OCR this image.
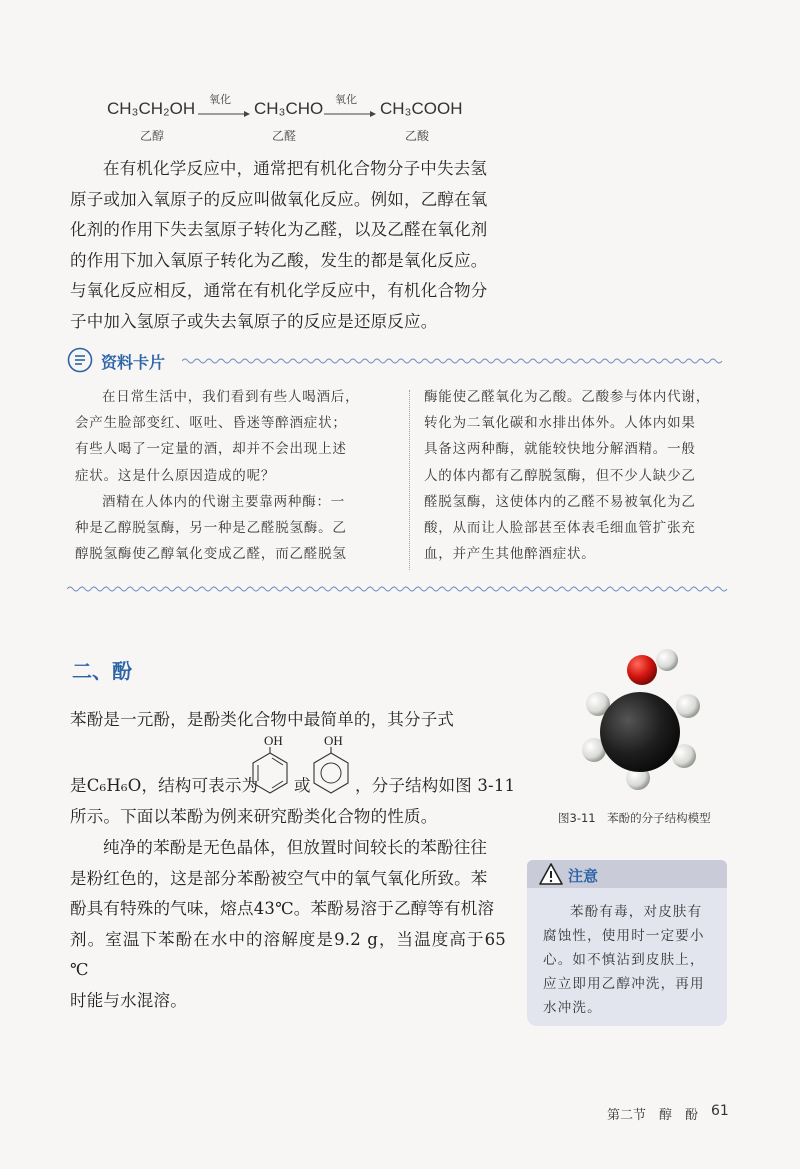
CH₃CH₂OH 氧化 → CH₃CHO 氧化 → CH₃COOH
乙醇	乙醛	乙酸
在有机化学反应中，通常把有机化合物分子中失去氢
原子或加入氧原子的反应叫做氧化反应。例如，乙醇在氧
化剂的作用下失去氢原子转化为乙醛，以及乙醛在氧化剂
的作用下加入氧原子转化为乙酸，发生的都是氧化反应。
与氧化反应相反，通常在有机化学反应中，有机化合物分
子中加入氢原子或失去氧原子的反应是还原反应。
资料卡片
在日常生活中，我们看到有些人喝酒后，
会产生脸部变红、呕吐、昏迷等醉酒症状；
有些人喝了一定量的酒，却并不会出现上述
症状。这是什么原因造成的呢？
酒精在人体内的代谢主要靠两种酶：一
种是乙醇脱氢酶，另一种是乙醛脱氢酶。乙
醇脱氢酶使乙醇氧化变成乙醛，而乙醛脱氢
酶能使乙醛氧化为乙酸。乙酸参与体内代谢，
转化为二氧化碳和水排出体外。人体内如果
具备这两种酶，就能较快地分解酒精。一般
人的体内都有乙醇脱氢酶，但不少人缺少乙
醛脱氢酶，这使体内的乙醛不易被氧化为乙
酸，从而让人脸部甚至体表毛细血管扩张充
血，并产生其他醉酒症状。
二、酚
苯酚是一元酚，是酚类化合物中最简单的，其分子式
OH	OH
是C₆H₆O，结构可表示为 或	，分子结构如图 3-11
所示。下面以苯酚为例来研究酚类化合物的性质。
纯净的苯酚是无色晶体，但放置时间较长的苯酚往往
是粉红色的，这是部分苯酚被空气中的氧气氧化所致。苯
酚具有特殊的气味，熔点43℃。苯酚易溶于乙醇等有机溶
剂。室温下苯酚在水中的溶解度是9.2 g，当温度高于65 ℃
时能与水混溶。
图3-11　苯酚的分子结构模型
注意
苯酚有毒，对皮肤有
腐蚀性，使用时一定要小
心。如不慎沾到皮肤上，
应立即用乙醇冲洗，再用
水冲洗。
第二节　醇　酚 61
